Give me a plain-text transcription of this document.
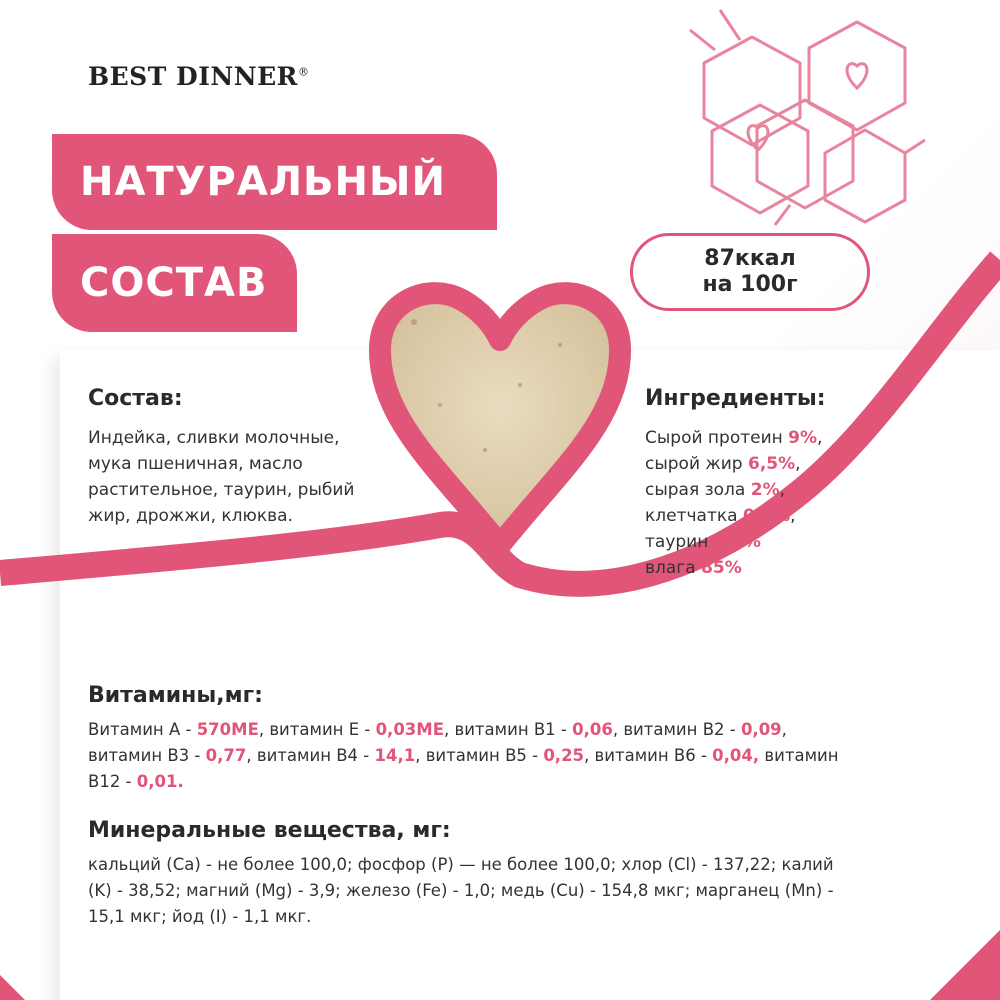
BEST DINNER®
НАТУРАЛЬНЫЙ
СОСТАВ
87ккал
на 100г
Состав:
Индейка, сливки молочные,
мука пшеничная, масло
растительное, таурин, рыбий
жир, дрожжи, клюква.
Ингредиенты:
Сырой протеин 9%,
сырой жир 6,5%,
сырая зола 2%,
клетчатка 0,5%,
таурин 0,2%
влага 85%
Витамины,мг:
Витамин A - 570МЕ, витамин E - 0,03МЕ, витамин B1 - 0,06, витамин B2 - 0,09,
витамин B3 - 0,77, витамин B4 - 14,1, витамин B5 - 0,25, витамин B6 - 0,04, витамин
B12 - 0,01.
Минеральные вещества, мг:
кальций (Ca) - не более 100,0; фосфор (P) — не более 100,0; хлор (Cl) - 137,22; калий
(K) - 38,52; магний (Mg) - 3,9; железо (Fe) - 1,0; медь (Cu) - 154,8 мкг; марганец (Mn) -
15,1 мкг; йод (I) - 1,1 мкг.
